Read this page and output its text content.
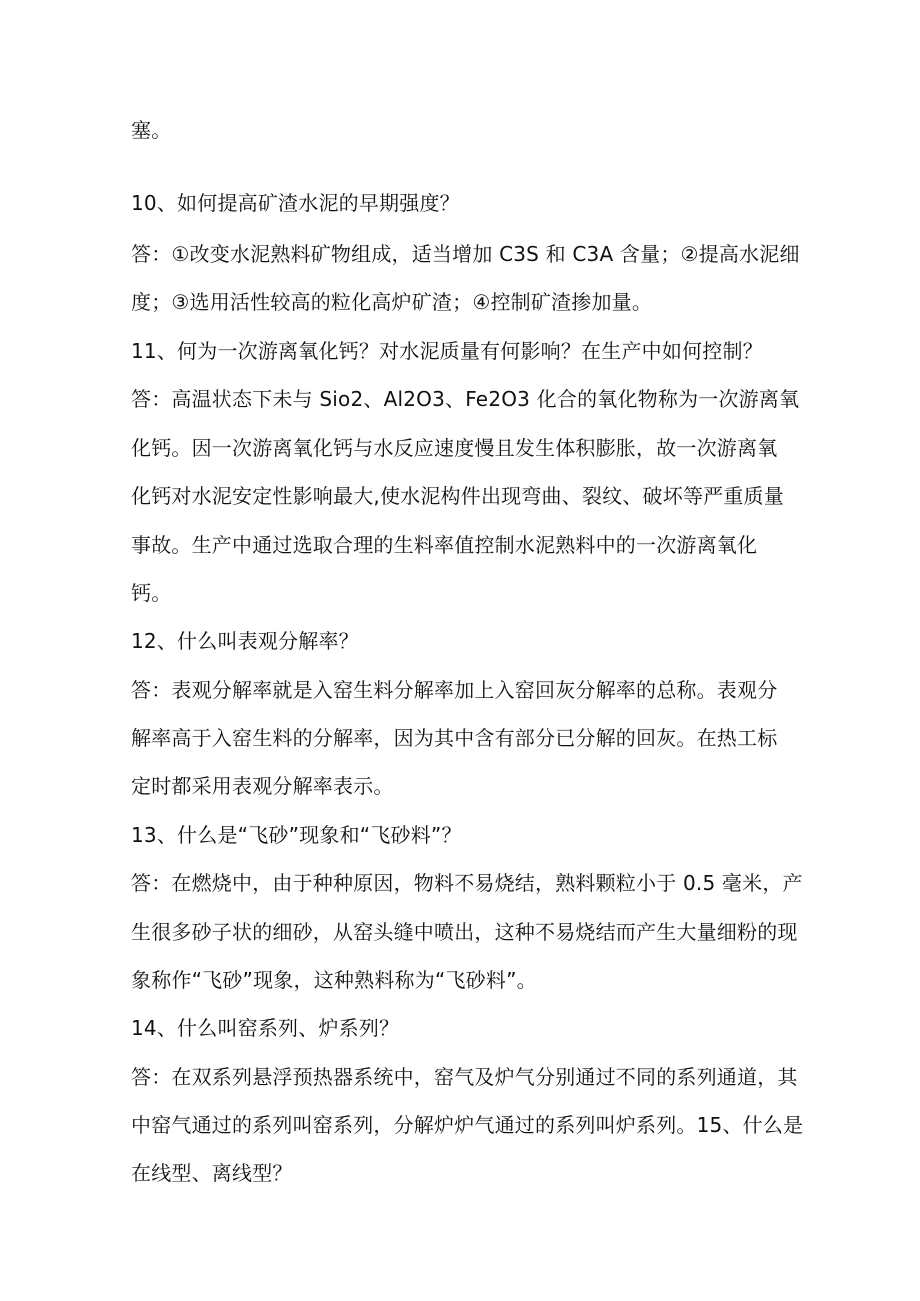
塞。
10、如何提高矿渣水泥的早期强度？
答：①改变水泥熟料矿物组成，适当增加 C3S 和 C3A 含量；②提高水泥细
度；③选用活性较高的粒化高炉矿渣；④控制矿渣掺加量。
11、何为一次游离氧化钙？对水泥质量有何影响？在生产中如何控制？
答：高温状态下未与 Sio2、Al2O3、Fe2O3 化合的氧化物称为一次游离氧
化钙。因一次游离氧化钙与水反应速度慢且发生体积膨胀，故一次游离氧
化钙对水泥安定性影响最大,使水泥构件出现弯曲、裂纹、破坏等严重质量
事故。生产中通过选取合理的生料率值控制水泥熟料中的一次游离氧化
钙。
12、什么叫表观分解率？
答：表观分解率就是入窑生料分解率加上入窑回灰分解率的总称。表观分
解率高于入窑生料的分解率，因为其中含有部分已分解的回灰。在热工标
定时都采用表观分解率表示。
13、什么是“飞砂”现象和“飞砂料”？
答：在燃烧中，由于种种原因，物料不易烧结，熟料颗粒小于 0.5 毫米，产
生很多砂子状的细砂，从窑头缝中喷出，这种不易烧结而产生大量细粉的现
象称作“飞砂”现象，这种熟料称为“飞砂料”。
14、什么叫窑系列、炉系列？
答：在双系列悬浮预热器系统中，窑气及炉气分别通过不同的系列通道，其
中窑气通过的系列叫窑系列，分解炉炉气通过的系列叫炉系列。15、什么是
在线型、离线型？
